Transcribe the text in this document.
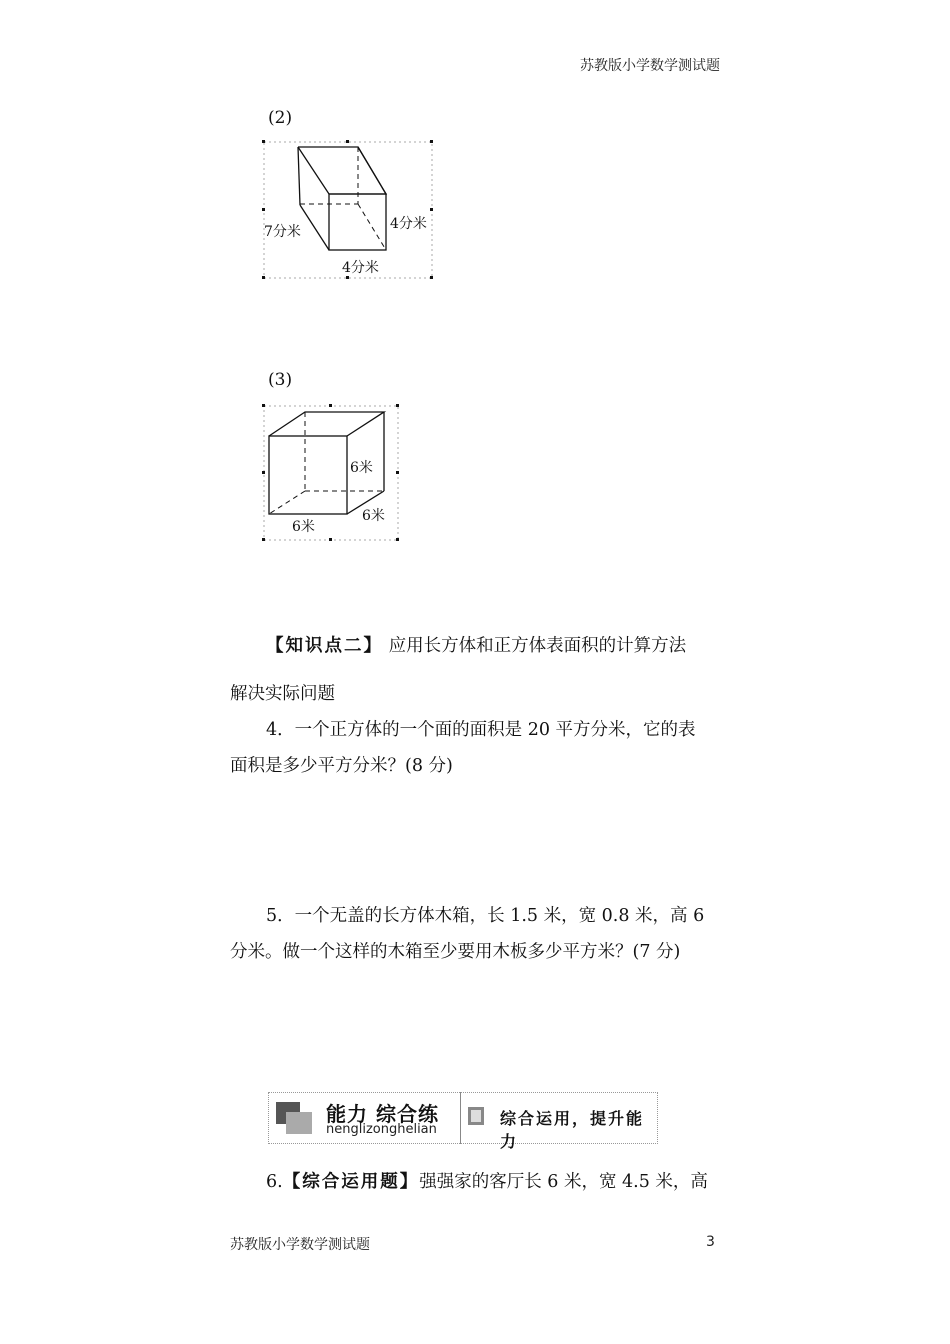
苏教版小学数学测试题
(2)
7分米	4分米
4分米
(3)
6米
6米
6米
【知识点二】 应用长方体和正方体表面积的计算方法
解决实际问题
4．一个正方体的一个面的面积是 20 平方分米，它的表
面积是多少平方分米？(8 分)
5．一个无盖的长方体木箱，长 1.5 米，宽 0.8 米，高 6
分米。做一个这样的木箱至少要用木板多少平方米？(7 分)
能力 综合练
nenglizonghelian
综合运用，提升能力
6.【综合运用题】强强家的客厅长 6 米，宽 4.5 米，高
苏教版小学数学测试题	3
